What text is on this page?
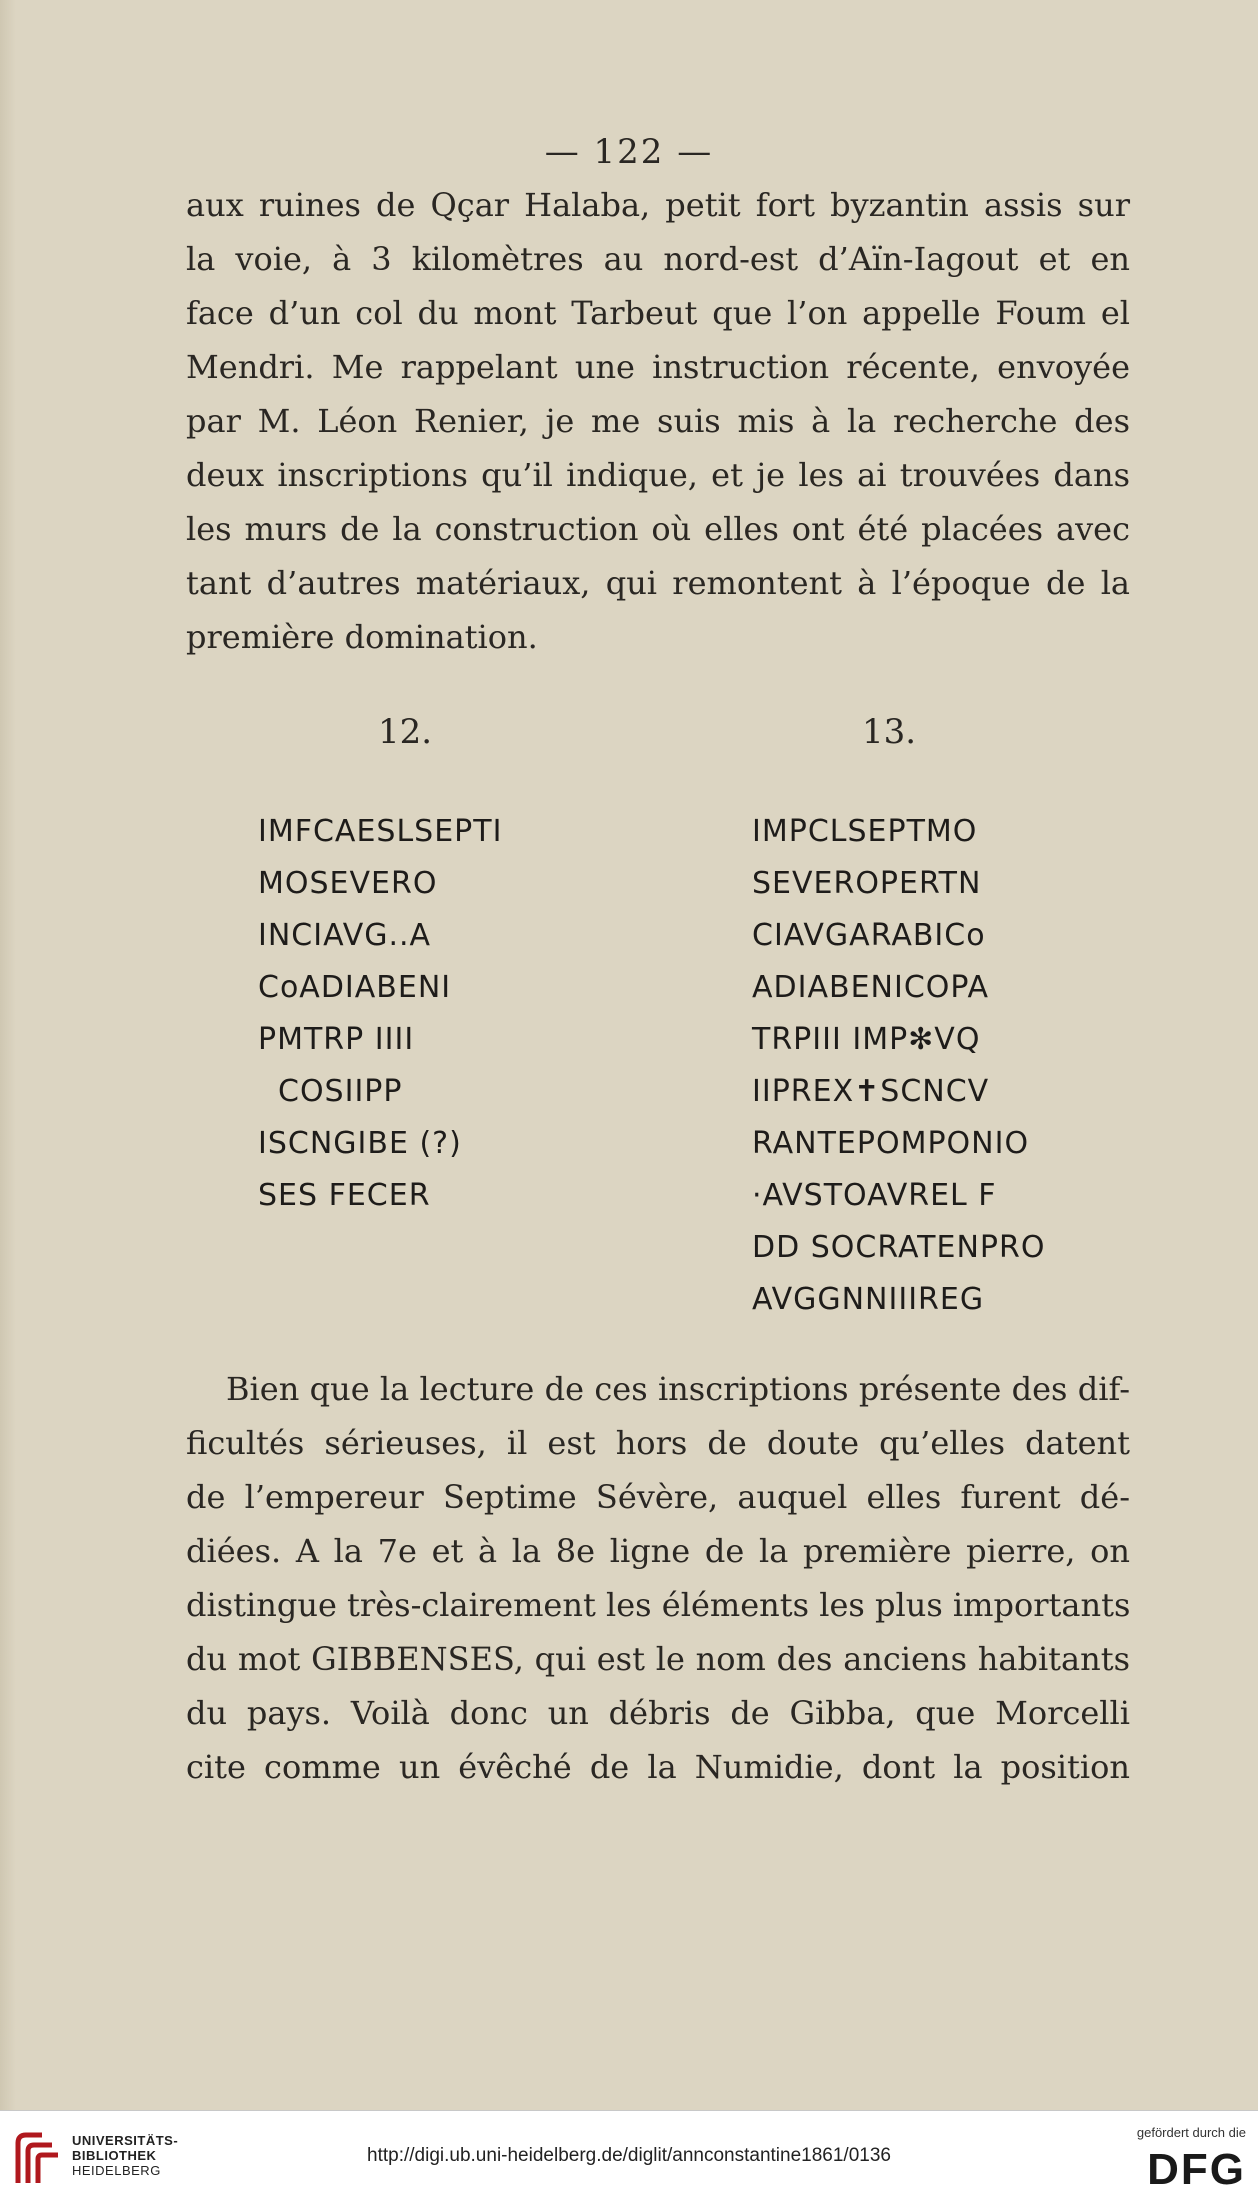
— 122 —
aux ruines de Qçar Halaba, petit fort byzantin assis sur
la voie, à 3 kilomètres au nord-est d’Aïn-Iagout et en
face d’un col du mont Tarbeut que l’on appelle Foum el
Mendri. Me rappelant une instruction récente, envoyée
par M. Léon Renier, je me suis mis à la recherche des
deux inscriptions qu’il indique, et je les ai trouvées dans
les murs de la construction où elles ont été placées avec
tant d’autres matériaux, qui remontent à l’époque de la
première domination.
12.	13.
IMFCAESLSEPTI
MOSEVERO
INCIAVG..A
CoADIABENI
PMTRP IIII
COSIIPP
ISCNGIBE (?)
SES FECER
IMPCLSEPTMO
SEVEROPERTN
CIAVGARABICo
ADIABENICOPA
TRPIII IMP✻VQ
IIPREX✝SCNCV
RANTEPOMPONIO
·AVSTOAVREL F
DD SOCRATENPRO
AVGGNNIIIREG
Bien que la lecture de ces inscriptions présente des dif-
ficultés sérieuses, il est hors de doute qu’elles datent
de l’empereur Septime Sévère, auquel elles furent dé-
diées. A la 7e et à la 8e ligne de la première pierre, on
distingue très-clairement les éléments les plus importants
du mot GIBBENSES, qui est le nom des anciens habitants
du pays. Voilà donc un débris de Gibba, que Morcelli
cite comme un évêché de la Numidie, dont la position
UNIVERSITÄTS-
BIBLIOTHEK
HEIDELBERG
http://digi.ub.uni-heidelberg.de/diglit/annconstantine1861/0136
gefördert durch die
DFG
